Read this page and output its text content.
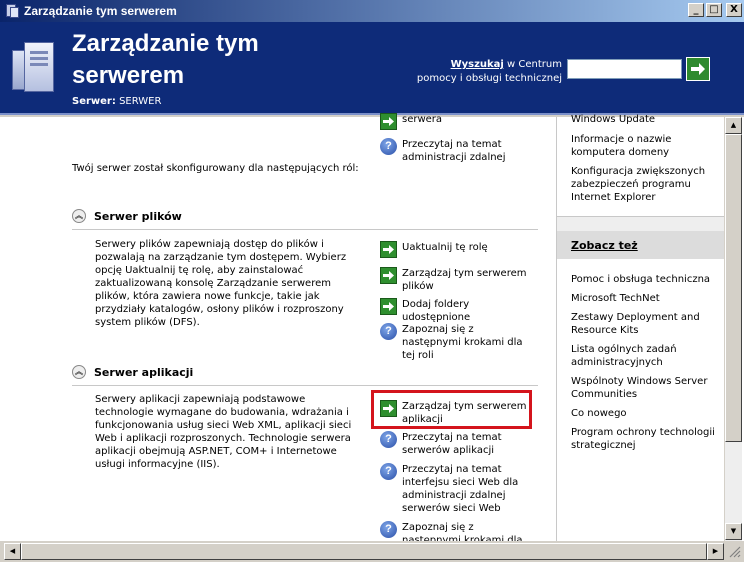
Zarządzanie tym serwerem	_	□	X
Zarządzanie tym serwerem
Serwer: SERWER
Wyszukaj w Centrum
pomocy i obsługi technicznej
serwera
?	Przeczytaj na temat administracji zdalnej
Twój serwer został skonfigurowany dla następujących ról:
︽ Serwer plików
Serwery plików zapewniają dostęp do plików i pozwalają na zarządzanie tym dostępem. Wybierz opcję Uaktualnij tę rolę, aby zainstalować zaktualizowaną konsolę Zarządzanie serwerem plików, która zawiera nowe funkcje, takie jak przydziały katalogów, osłony plików i rozproszony system plików (DFS).
Uaktualnij tę rolę
Zarządzaj tym serwerem plików
Dodaj foldery udostępnione
?	Zapoznaj się z następnymi krokami dla tej roli
︽ Serwer aplikacji
Serwery aplikacji zapewniają podstawowe technologie wymagane do budowania, wdrażania i funkcjonowania usług sieci Web XML, aplikacji sieci Web i aplikacji rozproszonych. Technologie serwera aplikacji obejmują ASP.NET, COM+ i Internetowe usługi informacyjne (IIS).
Zarządzaj tym serwerem aplikacji
?	Przeczytaj na temat serwerów aplikacji
?	Przeczytaj na temat interfejsu sieci Web dla administracji zdalnej serwerów sieci Web
?	Zapoznaj się z
Windows Update
Informacje o nazwie komputera domeny
Konfiguracja zwiększonych zabezpieczeń programu Internet Explorer
Zobacz też
Pomoc i obsługa techniczna
Microsoft TechNet
Zestawy Deployment and Resource Kits
Lista ogólnych zadań administracyjnych
Wspólnoty Windows Server Communities
Co nowego
Program ochrony technologii strategicznej
▲
▼
◀	▶
